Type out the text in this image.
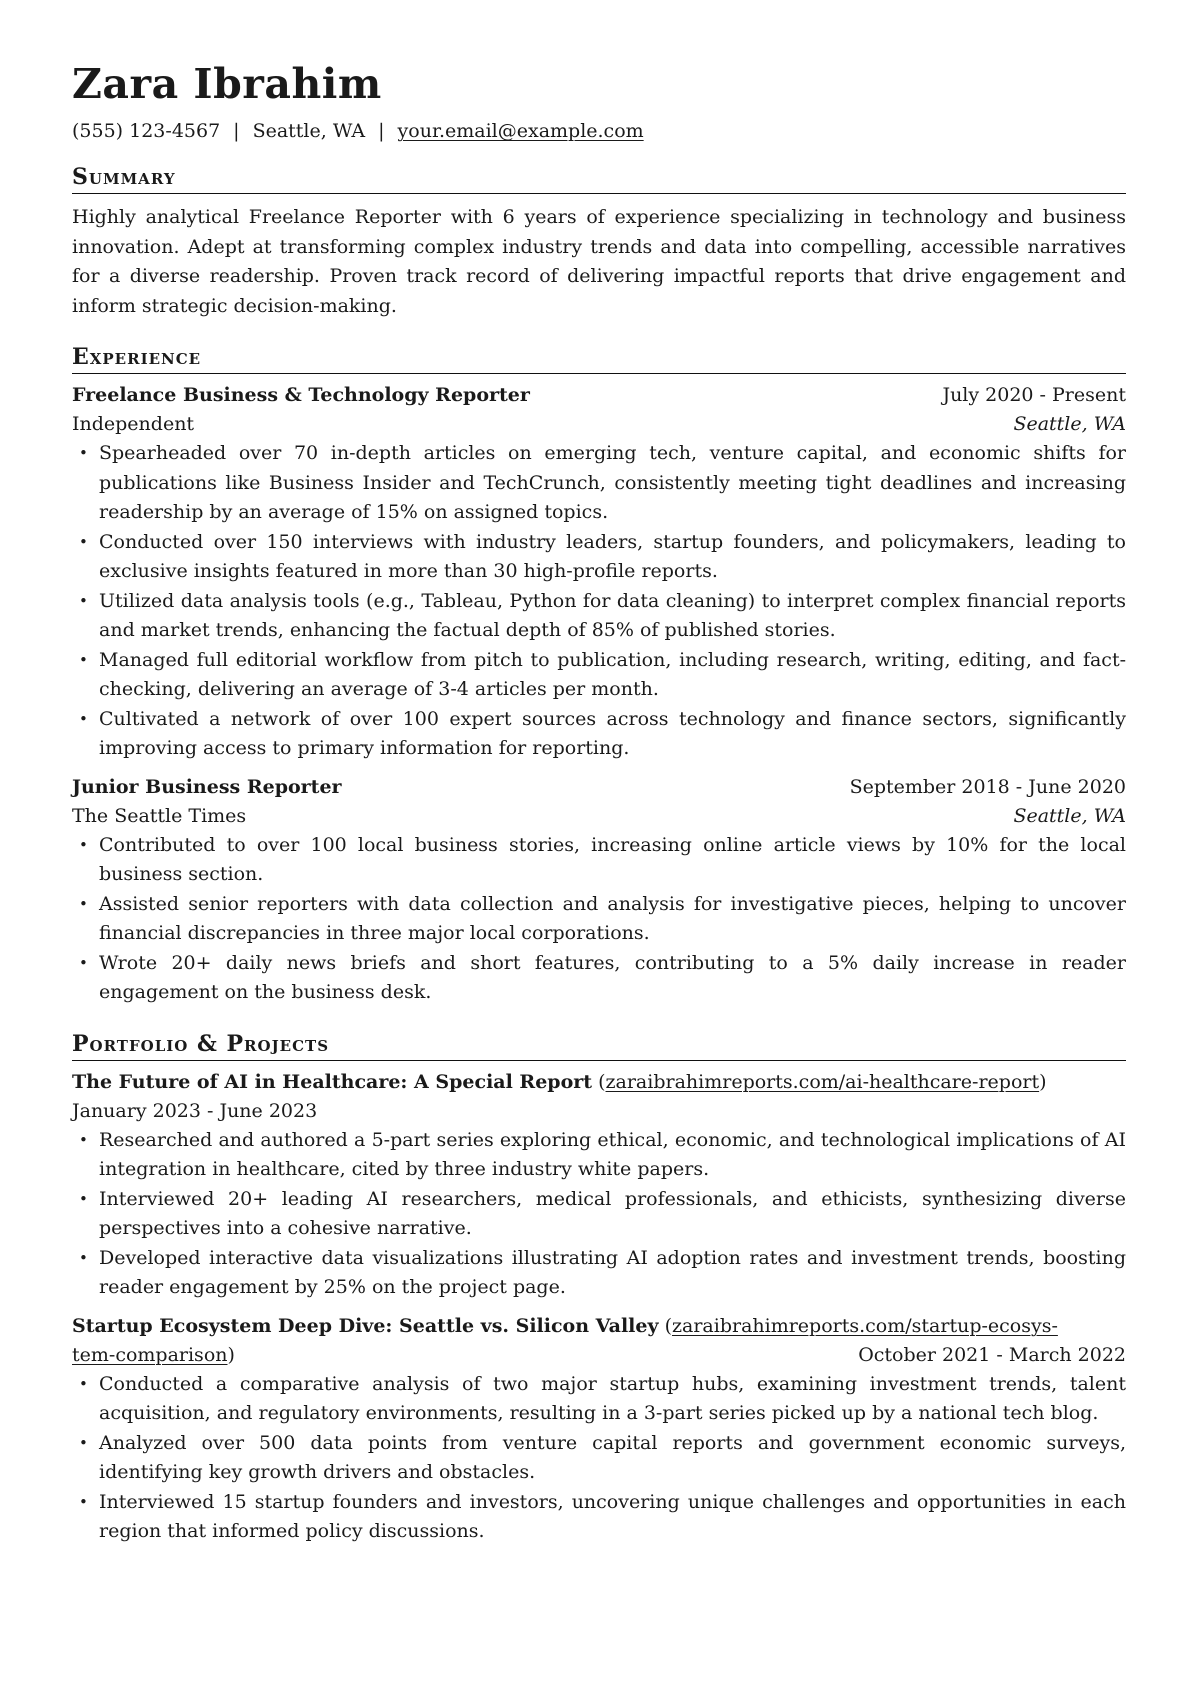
Zara Ibrahim
(555) 123-4567 | Seattle, WA | your.email@example.com
Summary
Highly analytical Freelance Reporter with 6 years of experience specializing in technology and business innovation. Adept at transforming complex industry trends and data into compelling, accessible narratives for a diverse readership. Proven track record of delivering impactful reports that drive engagement and inform strategic decision-making.
Experience
Freelance Business & Technology Reporter	July 2020 - Present
Independent	Seattle, WA
• Spearheaded over 70 in-depth articles on emerging tech, venture capital, and economic shifts for publications like Business Insider and TechCrunch, consistently meeting tight deadlines and increasing readership by an average of 15% on assigned topics.
• Conducted over 150 interviews with industry leaders, startup founders, and policymakers, leading to exclusive insights featured in more than 30 high-profile reports.
• Utilized data analysis tools (e.g., Tableau, Python for data cleaning) to interpret complex financial reports and market trends, enhancing the factual depth of 85% of published stories.
• Managed full editorial workflow from pitch to publication, including research, writing, editing, and fact-checking, delivering an average of 3-4 articles per month.
• Cultivated a network of over 100 expert sources across technology and finance sectors, significantly improving access to primary information for reporting.
Junior Business Reporter	September 2018 - June 2020
The Seattle Times	Seattle, WA
• Contributed to over 100 local business stories, increasing online article views by 10% for the local business section.
• Assisted senior reporters with data collection and analysis for investigative pieces, helping to uncover financial discrepancies in three major local corporations.
• Wrote 20+ daily news briefs and short features, contributing to a 5% daily increase in reader engagement on the business desk.
Portfolio & Projects
The Future of AI in Healthcare: A Special Report (zaraibrahimreports.com/ai-healthcare-report)
January 2023 - June 2023
• Researched and authored a 5-part series exploring ethical, economic, and technological implications of AI integration in healthcare, cited by three industry white papers.
• Interviewed 20+ leading AI researchers, medical professionals, and ethicists, synthesizing diverse perspectives into a cohesive narrative.
• Developed interactive data visualizations illustrating AI adoption rates and investment trends, boosting reader engagement by 25% on the project page.
Startup Ecosystem Deep Dive: Seattle vs. Silicon Valley (zaraibrahimreports.com/startup-ecosys-
tem-comparison)	October 2021 - March 2022
• Conducted a comparative analysis of two major startup hubs, examining investment trends, talent acquisition, and regulatory environments, resulting in a 3-part series picked up by a national tech blog.
• Analyzed over 500 data points from venture capital reports and government economic surveys, identifying key growth drivers and obstacles.
• Interviewed 15 startup founders and investors, uncovering unique challenges and opportunities in each region that informed policy discussions.
